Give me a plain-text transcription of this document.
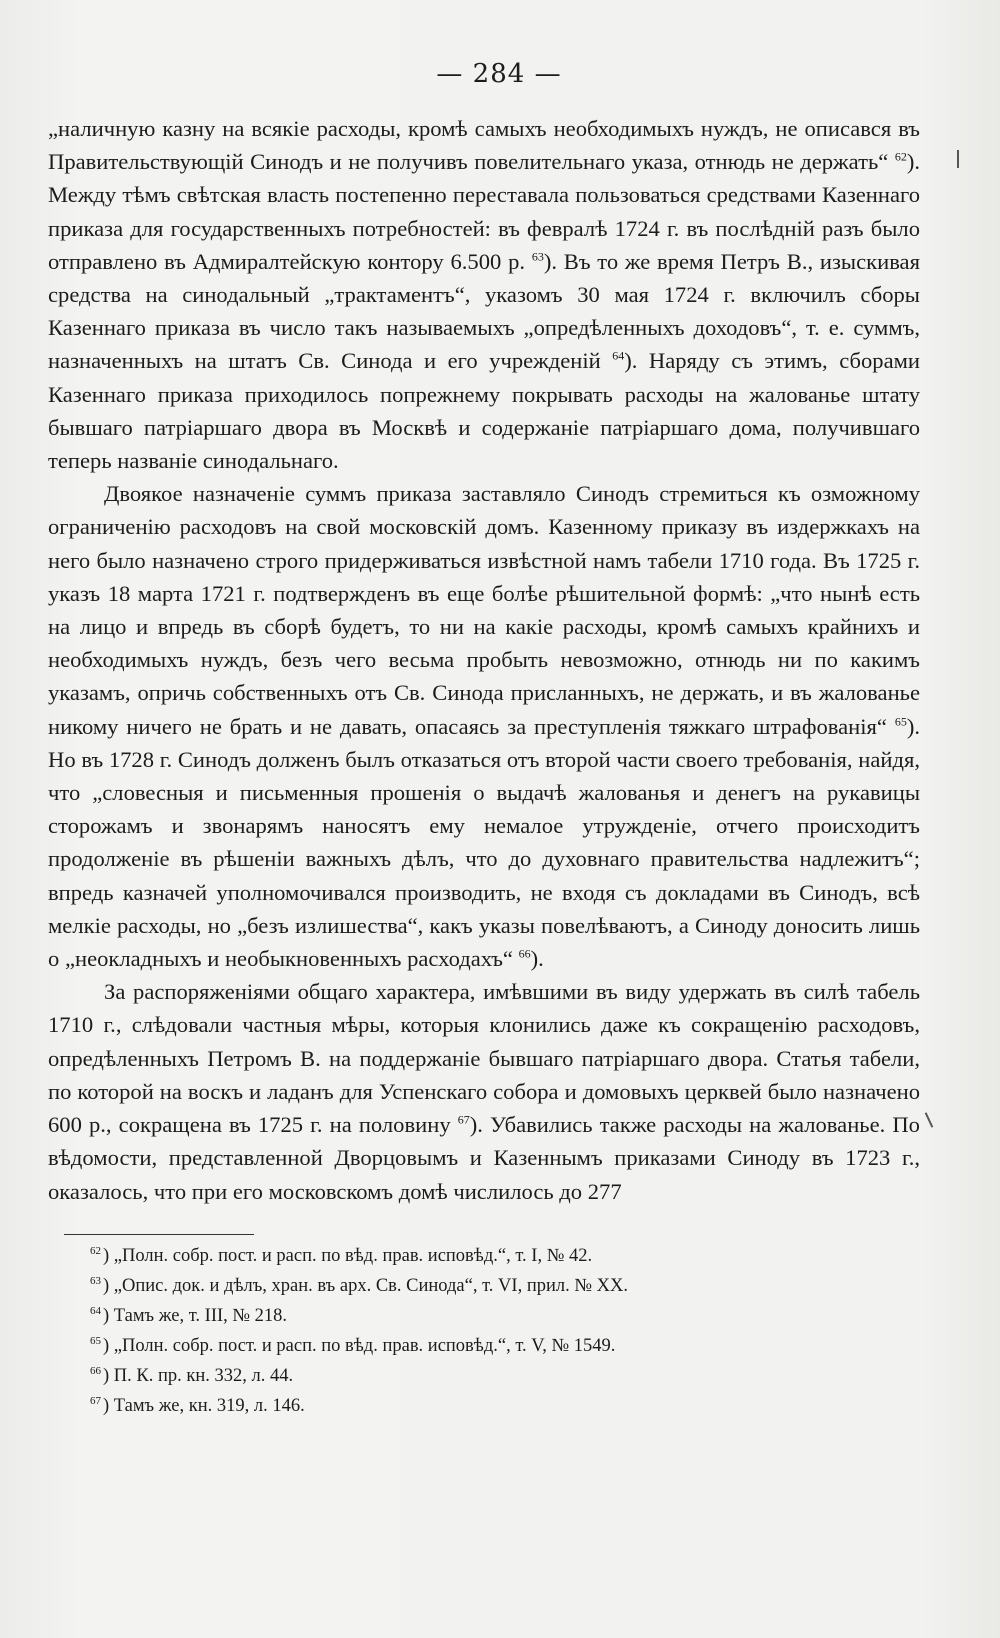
— 284 —

„наличную казну на всякіе расходы, кромѣ самыхъ необходимыхъ нуждъ, не описався въ Правительствующій Синодъ и не получивъ повелительнаго указа, отнюдь не держать“ $^{62}$). Между тѣмъ свѣтская власть постепенно переставала пользоваться средствами Казеннаго приказа для государственныхъ потребностей: въ февралѣ 1724 г. въ послѣдній разъ было отправлено въ Адмиралтейскую контору 6.500 р. $^{63}$). Въ то же время Петръ В., изыскивая средства на синодальный „трактаментъ“, указомъ 30 мая 1724 г. включилъ сборы Казеннаго приказа въ число такъ называемыхъ „опредѣленныхъ доходовъ“, т. е. суммъ, назначенныхъ на штатъ Св. Синода и его учрежденій $^{64}$). Наряду съ этимъ, сборами Казеннаго приказа приходилось попрежнему покрывать расходы на жалованье штату бывшаго патріаршаго двора въ Москвѣ и содержаніе патріаршаго дома, получившаго теперь названіе синодальнаго.

Двоякое назначеніе суммъ приказа заставляло Синодъ стремиться къ озможному ограниченію расходовъ на свой московскій домъ. Казенному приказу въ издержкахъ на него было назначено строго придерживаться извѣстной намъ табели 1710 года. Въ 1725 г. указъ 18 марта 1721 г. подтвержденъ въ еще болѣе рѣшительной формѣ: „что нынѣ есть на лицо и впредь въ сборѣ будетъ, то ни на какіе расходы, кромѣ самыхъ крайнихъ и необходимыхъ нуждъ, безъ чего весьма пробыть невозможно, отнюдь ни по какимъ указамъ, опричь собственныхъ отъ Св. Синода присланныхъ, не держать, и въ жалованье никому ничего не брать и не давать, опасаясь за преступленія тяжкаго штрафованія“ $^{65}$). Но въ 1728 г. Синодъ долженъ былъ отказаться отъ второй части своего требованія, найдя, что „словесныя и письменныя прошенія о выдачѣ жалованья и денегъ на рукавицы сторожамъ и звонарямъ наносятъ ему немалое утружденіе, отчего происходитъ продолженіе въ рѣшеніи важныхъ дѣлъ, что до духовнаго правительства надлежитъ“; впредь казначей уполномочивался производить, не входя съ докладами въ Синодъ, всѣ мелкіе расходы, но „безъ излишества“, какъ указы повелѣваютъ, а Синоду доносить лишь о „неокладныхъ и необыкновенныхъ расходахъ“ $^{66}$).

За распоряженіями общаго характера, имѣвшими въ виду удержать въ силѣ табель 1710 г., слѣдовали частныя мѣры, которыя клонились даже къ сокращенію расходовъ, опредѣленныхъ Петромъ В. на поддержаніе бывшаго патріаршаго двора. Статья табели, по которой на воскъ и ладанъ для Успенскаго собора и домовыхъ церквей было назначено 600 р., сокращена въ 1725 г. на половину $^{67}$). Убавились также расходы на жалованье. По вѣдомости, представленной Дворцовымъ и Казеннымъ приказами Синоду въ 1723 г., оказалось, что при его московскомъ домѣ числилось до 277

$^{62}$ ) „Полн. собр. пост. и расп. по вѣд. прав. исповѣд.“, т. I, № 42.
$^{63}$ ) „Опис. док. и дѣлъ, хран. въ арх. Св. Синода“, т. VI, прил. № XX.
$^{64}$ ) Тамъ же, т. III, № 218.
$^{65}$ ) „Полн. собр. пост. и расп. по вѣд. прав. исповѣд.“, т. V, № 1549.
$^{66}$ ) П. К. пр. кн. 332, л. 44.
$^{67}$ ) Тамъ же, кн. 319, л. 146.
